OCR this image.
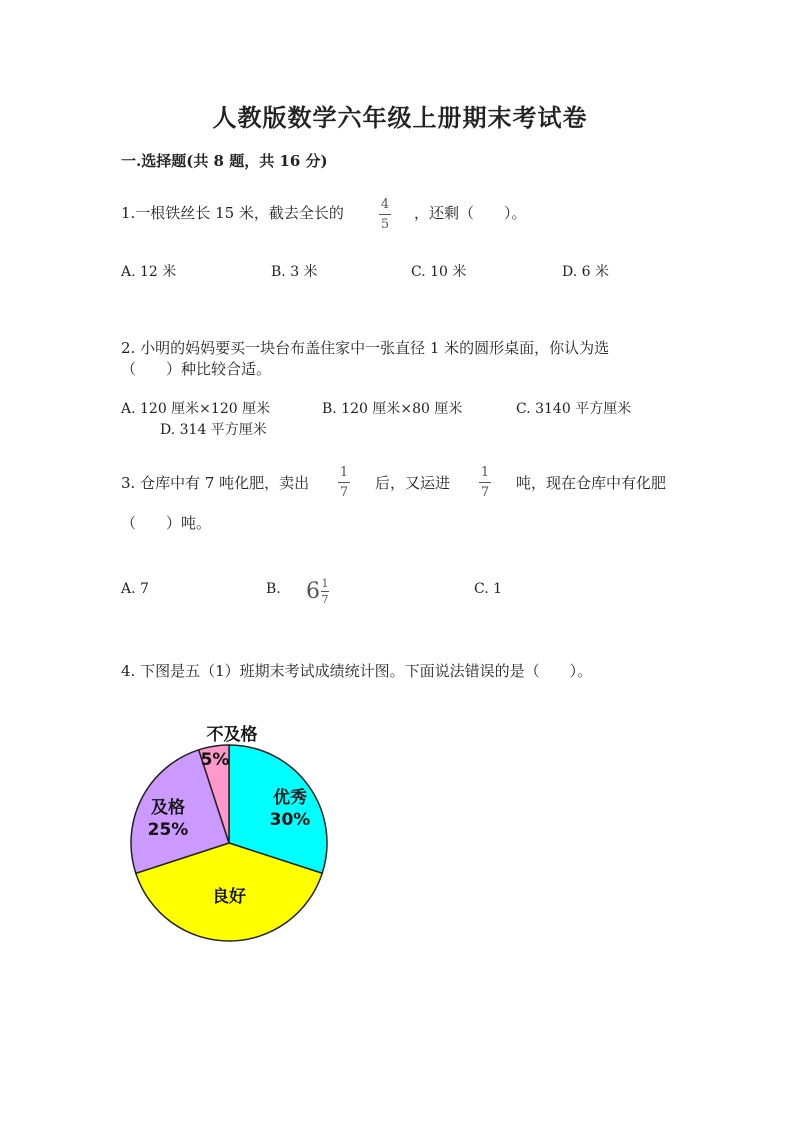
人教版数学六年级上册期末考试卷
一.选择题(共 8 题，共 16 分)
1.一根铁丝长 15 米，截去全长的	4
5
，还剩（　　）。
A. 12 米	B. 3 米	C. 10 米	D. 6 米
2. 小明的妈妈要买一块台布盖住家中一张直径 1 米的圆形桌面，你认为选
（　　）种比较合适。
A. 120 厘米×120 厘米	B. 120 厘米×80 厘米	C. 3140 平方厘米
D. 314 平方厘米
3. 仓库中有 7 吨化肥，卖出
1
7
后，又运进
1
7
吨，现在仓库中有化肥
（　　）吨。
A. 7	B. $6 \frac{1}{7}$	C. 1
4. 下图是五（1）班期末考试成绩统计图。下面说法错误的是（　　）。
优秀
30%
良好
及格
25%
不及格
5%
